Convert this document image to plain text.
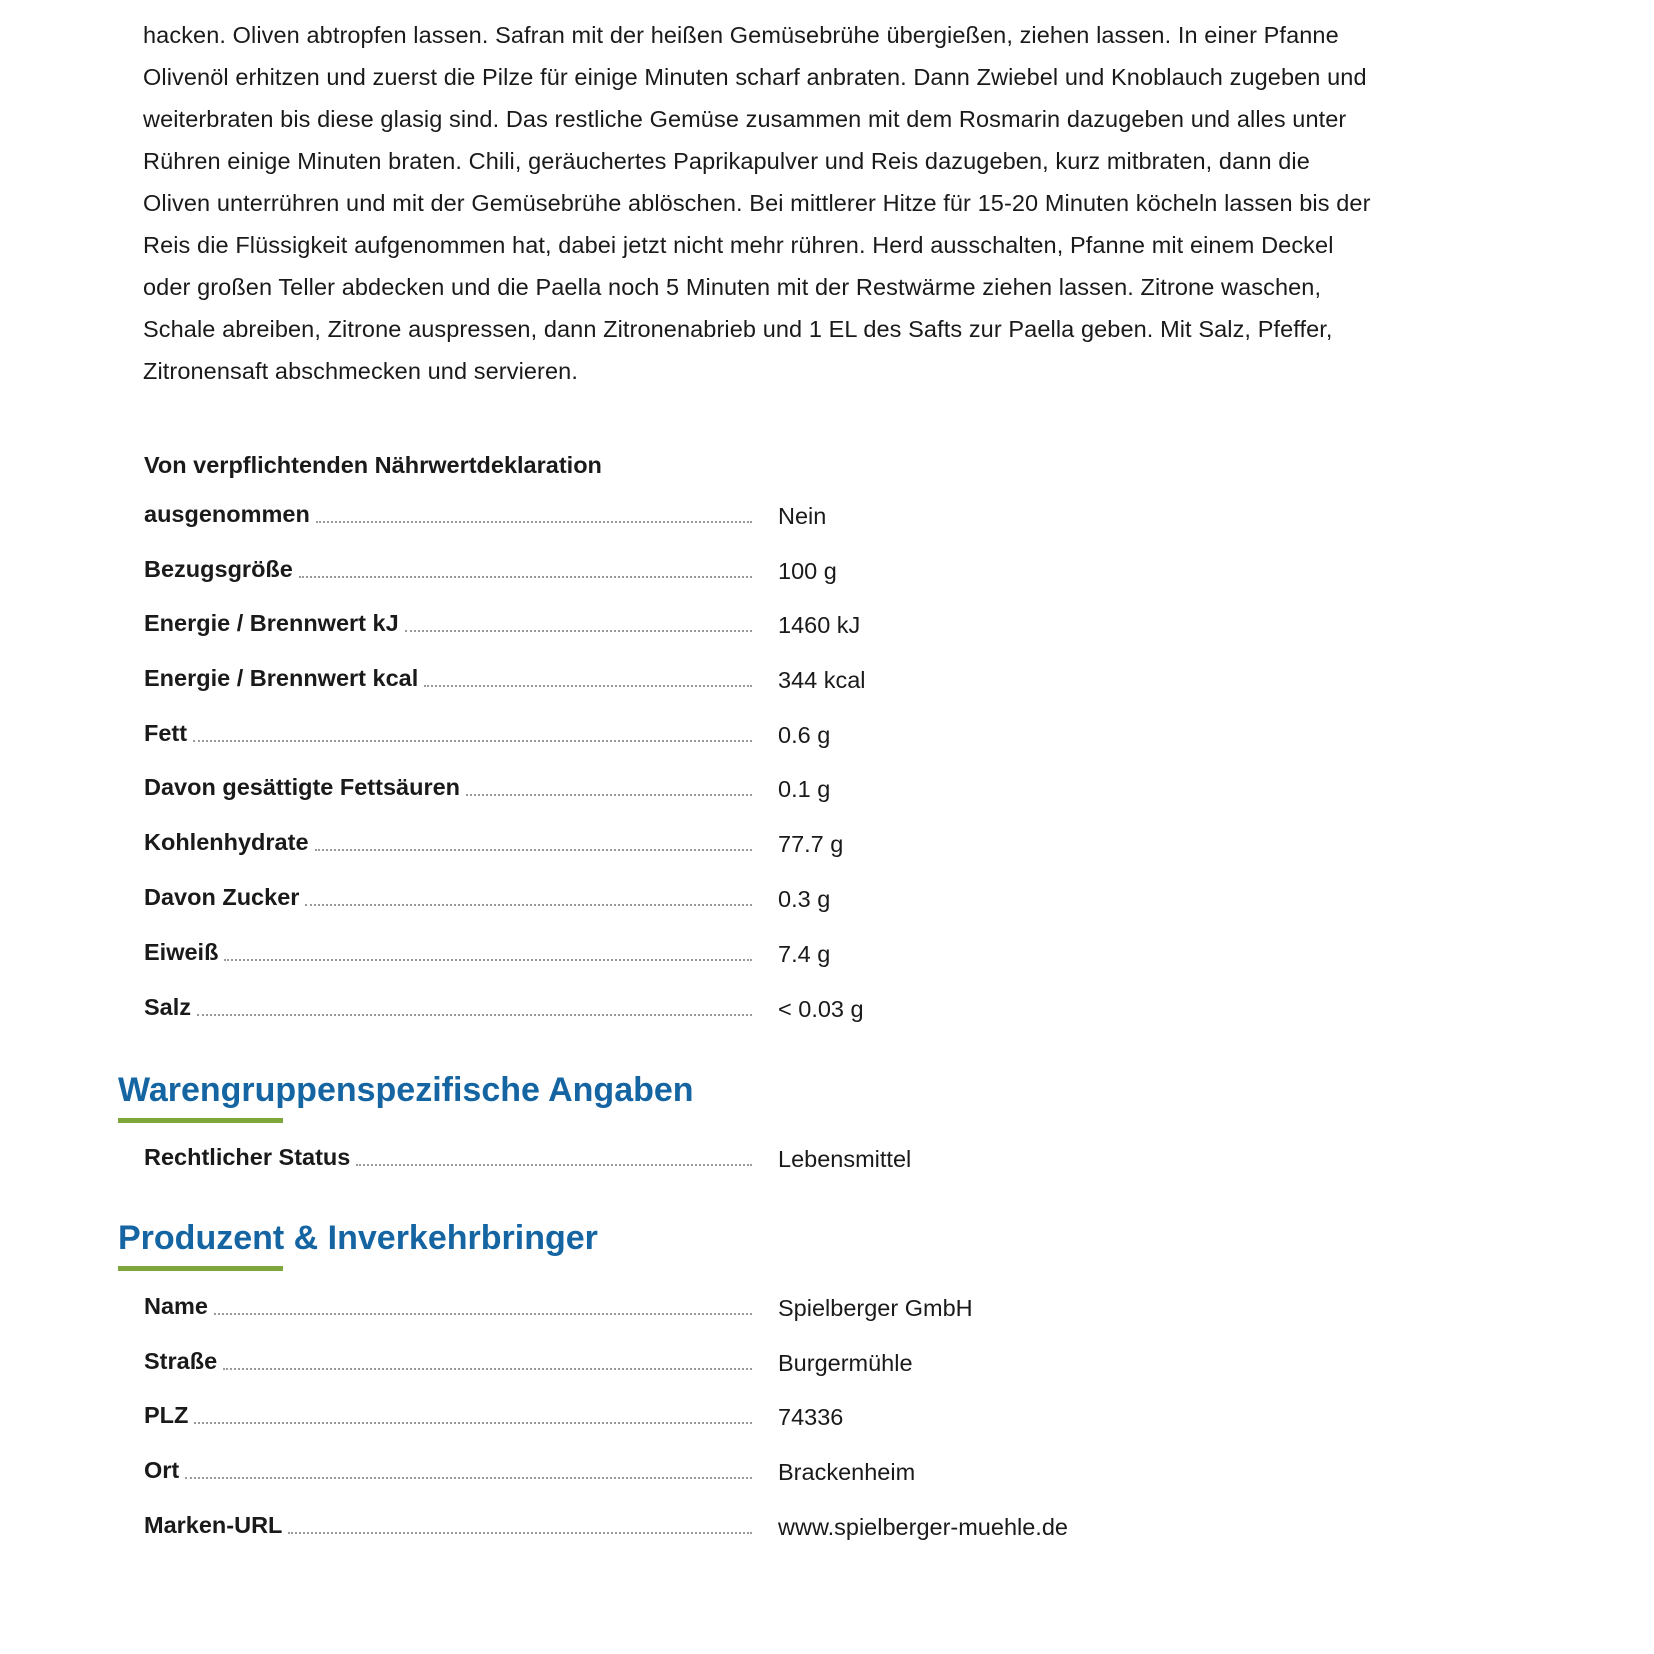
hacken. Oliven abtropfen lassen. Safran mit der heißen Gemüsebrühe übergießen, ziehen lassen. In einer Pfanne Olivenöl erhitzen und zuerst die Pilze für einige Minuten scharf anbraten. Dann Zwiebel und Knoblauch zugeben und weiterbraten bis diese glasig sind. Das restliche Gemüse zusammen mit dem Rosmarin dazugeben und alles unter Rühren einige Minuten braten. Chili, geräuchertes Paprikapulver und Reis dazugeben, kurz mitbraten, dann die Oliven unterrühren und mit der Gemüsebrühe ablöschen. Bei mittlerer Hitze für 15-20 Minuten köcheln lassen bis der Reis die Flüssigkeit aufgenommen hat, dabei jetzt nicht mehr rühren. Herd ausschalten, Pfanne mit einem Deckel oder großen Teller abdecken und die Paella noch 5 Minuten mit der Restwärme ziehen lassen. Zitrone waschen, Schale abreiben, Zitrone auspressen, dann Zitronenabrieb und 1 EL des Safts zur Paella geben. Mit Salz, Pfeffer, Zitronensaft abschmecken und servieren.

Von verpflichtenden Nährwertdeklaration
ausgenommen	Nein
Bezugsgröße	100 g
Energie / Brennwert kJ	1460 kJ
Energie / Brennwert kcal	344 kcal
Fett	0.6 g
Davon gesättigte Fettsäuren	0.1 g
Kohlenhydrate	77.7 g
Davon Zucker	0.3 g
Eiweiß	7.4 g
Salz	< 0.03 g
Warengruppenspezifische Angaben
Rechtlicher Status	Lebensmittel
Produzent & Inverkehrbringer
Name	Spielberger GmbH
Straße	Burgermühle
PLZ	74336
Ort	Brackenheim
Marken-URL	www.spielberger-muehle.de
